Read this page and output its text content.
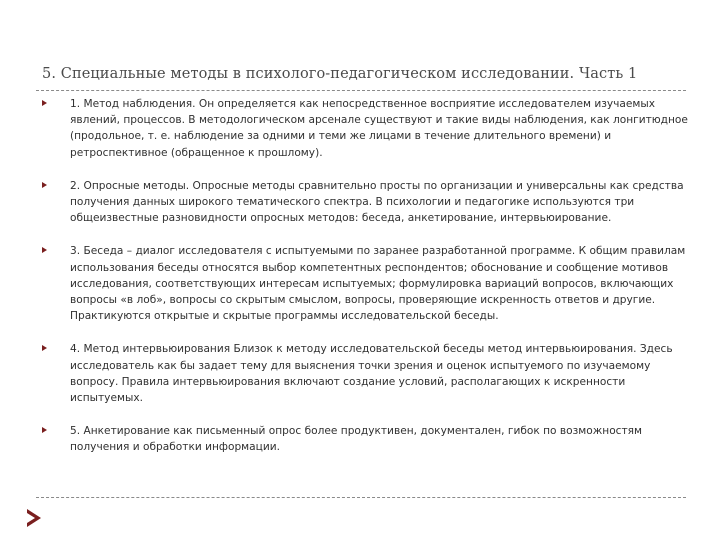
5. Специальные методы в психолого-педагогическом исследовании. Часть 1
1. Метод наблюдения. Он определяется как непосредственное восприятие исследователем изучаемых явлений, процессов. В методологическом арсенале существуют и такие виды наблюдения, как лонгитюдное (продольное, т. е. наблюдение за одними и теми же лицами в течение длительного времени) и ретроспективное (обращенное к прошлому).
2. Опросные методы. Опросные методы сравнительно просты по организации и универсальны как средства получения данных широкого тематического спектра. В психологии и педагогике используются три общеизвестные разновидности опросных методов: беседа, анкетирование, интервьюирование.
3. Беседа – диалог исследователя с испытуемыми по заранее разработанной программе. К общим правилам использования беседы относятся выбор компетентных респондентов; обоснование и сообщение мотивов исследования, соответствующих интересам испытуемых; формулировка вариаций вопросов, включающих вопросы «в лоб», вопросы со скрытым смыслом, вопросы, проверяющие искренность ответов и другие. Практикуются открытые и скрытые программы исследовательской беседы.
4. Метод интервьюирования Близок к методу исследовательской беседы метод интервьюирования. Здесь исследователь как бы задает тему для выяснения точки зрения и оценок испытуемого по изучаемому вопросу. Правила интервьюирования включают создание условий, располагающих к искренности испытуемых.
5. Анкетирование как письменный опрос более продуктивен, документален, гибок по возможностям получения и обработки информации.
